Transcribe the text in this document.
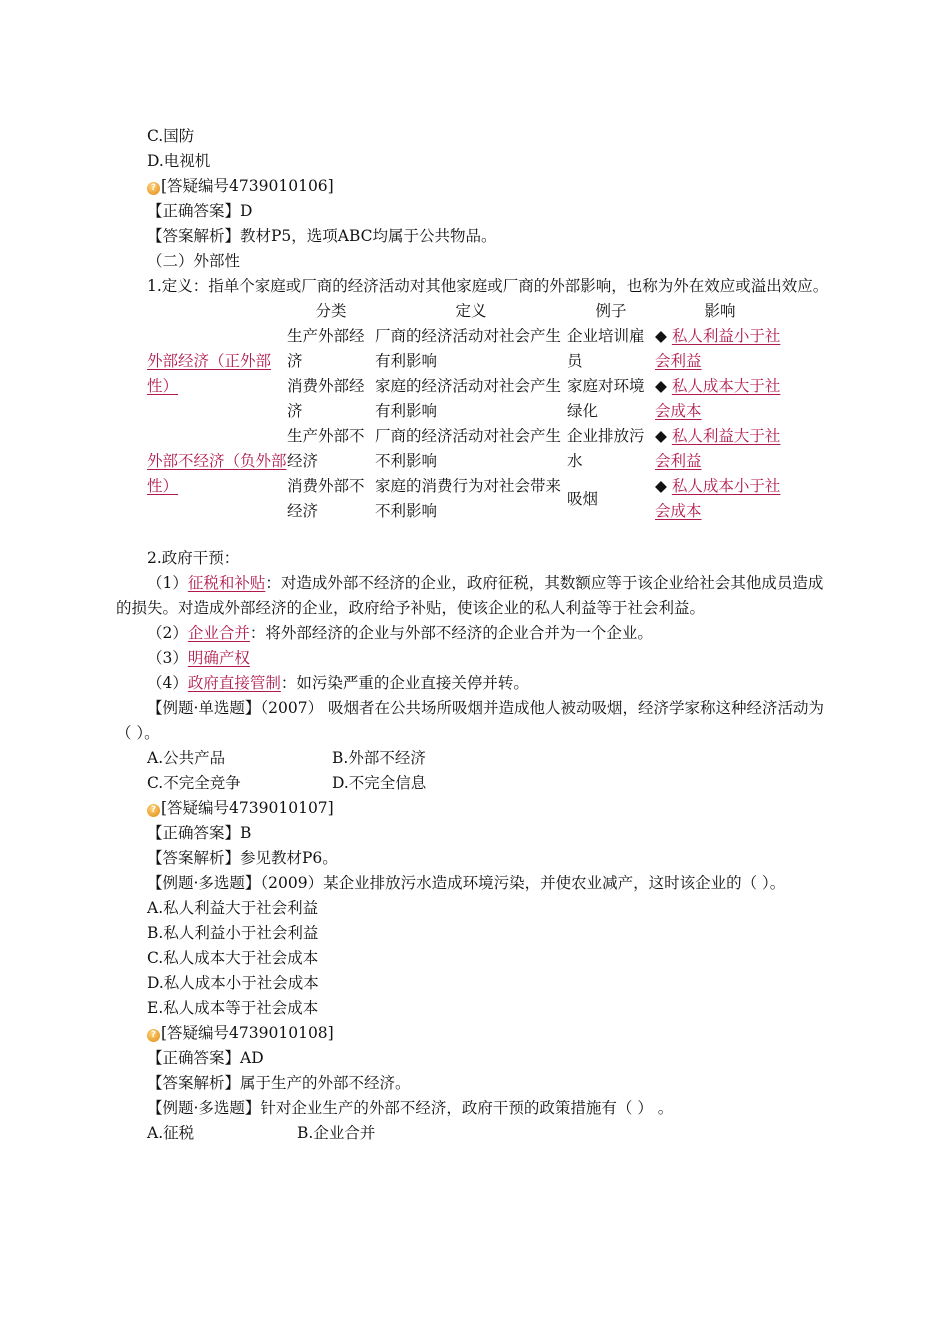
C.国防
D.电视机
? [答疑编号4739010106]
【正确答案】D
【答案解析】教材P5，选项ABC均属于公共物品。
（二）外部性
1.定义：指单个家庭或厂商的经济活动对其他家庭或厂商的外部影响，也称为外在效应或溢出效应。
	分类	定义	例子	影响
外部经济（正外部性）	生产外部经济	厂商的经济活动对社会产生有利影响	企业培训雇员	◆ 私人利益小于社会利益
	消费外部经济	家庭的经济活动对社会产生有利影响	家庭对环境绿化	◆ 私人成本大于社会成本
外部不经济（负外部性）	生产外部不经济	厂商的经济活动对社会产生不利影响	企业排放污水	◆ 私人利益大于社会利益
	消费外部不经济	家庭的消费行为对社会带来不利影响	吸烟	◆ 私人成本小于社会成本
2.政府干预：
（1）征税和补贴：对造成外部不经济的企业，政府征税，其数额应等于该企业给社会其他成员造成的损失。对造成外部经济的企业，政府给予补贴，使该企业的私人利益等于社会利益。
（2）企业合并：将外部经济的企业与外部不经济的企业合并为一个企业。
（3）明确产权
（4）政府直接管制：如污染严重的企业直接关停并转。
【例题·单选题】（2007） 吸烟者在公共场所吸烟并造成他人被动吸烟，经济学家称这种经济活动为（ ）。
A.公共产品	B.外部不经济
C.不完全竞争	D.不完全信息
? [答疑编号4739010107]
【正确答案】B
【答案解析】参见教材P6。
【例题·多选题】（2009）某企业排放污水造成环境污染，并使农业减产，这时该企业的（ ）。
A.私人利益大于社会利益
B.私人利益小于社会利益
C.私人成本大于社会成本
D.私人成本小于社会成本
E.私人成本等于社会成本
? [答疑编号4739010108]
【正确答案】AD
【答案解析】属于生产的外部不经济。
【例题·多选题】针对企业生产的外部不经济，政府干预的政策措施有（ ） 。
A.征税	B.企业合并
